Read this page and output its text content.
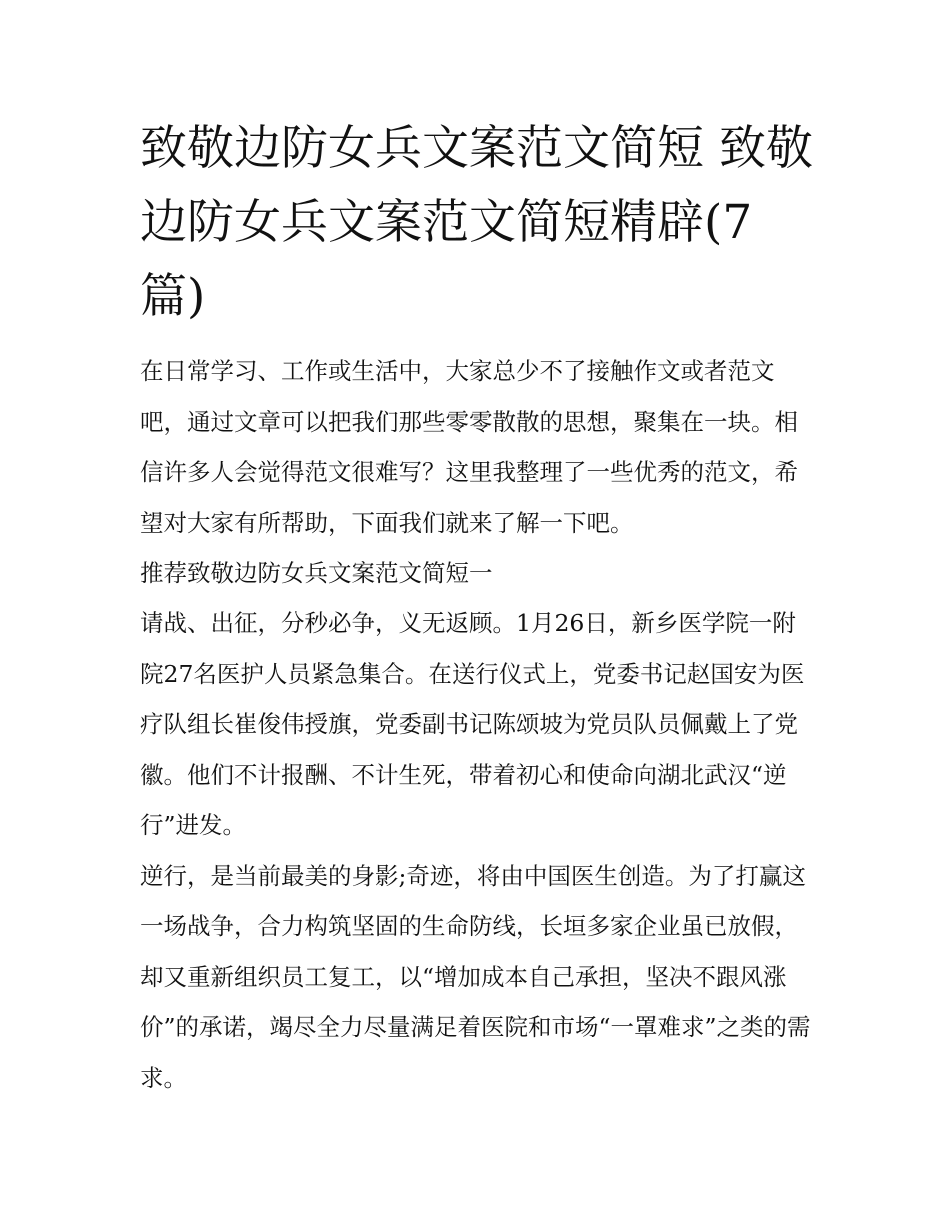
致敬边防女兵文案范文简短 致敬边防女兵文案范文简短精辟(7篇)

在日常学习、工作或生活中，大家总少不了接触作文或者范文吧，通过文章可以把我们那些零零散散的思想，聚集在一块。相信许多人会觉得范文很难写？这里我整理了一些优秀的范文，希望对大家有所帮助，下面我们就来了解一下吧。

推荐致敬边防女兵文案范文简短一

请战、出征，分秒必争，义无返顾。1月26日，新乡医学院一附院27名医护人员紧急集合。在送行仪式上，党委书记赵国安为医疗队组长崔俊伟授旗，党委副书记陈颂坡为党员队员佩戴上了党徽。他们不计报酬、不计生死，带着初心和使命向湖北武汉“逆行”进发。

逆行，是当前最美的身影;奇迹，将由中国医生创造。为了打赢这一场战争，合力构筑坚固的生命防线，长垣多家企业虽已放假，却又重新组织员工复工，以“增加成本自己承担，坚决不跟风涨价”的承诺，竭尽全力尽量满足着医院和市场“一罩难求”之类的需求。
